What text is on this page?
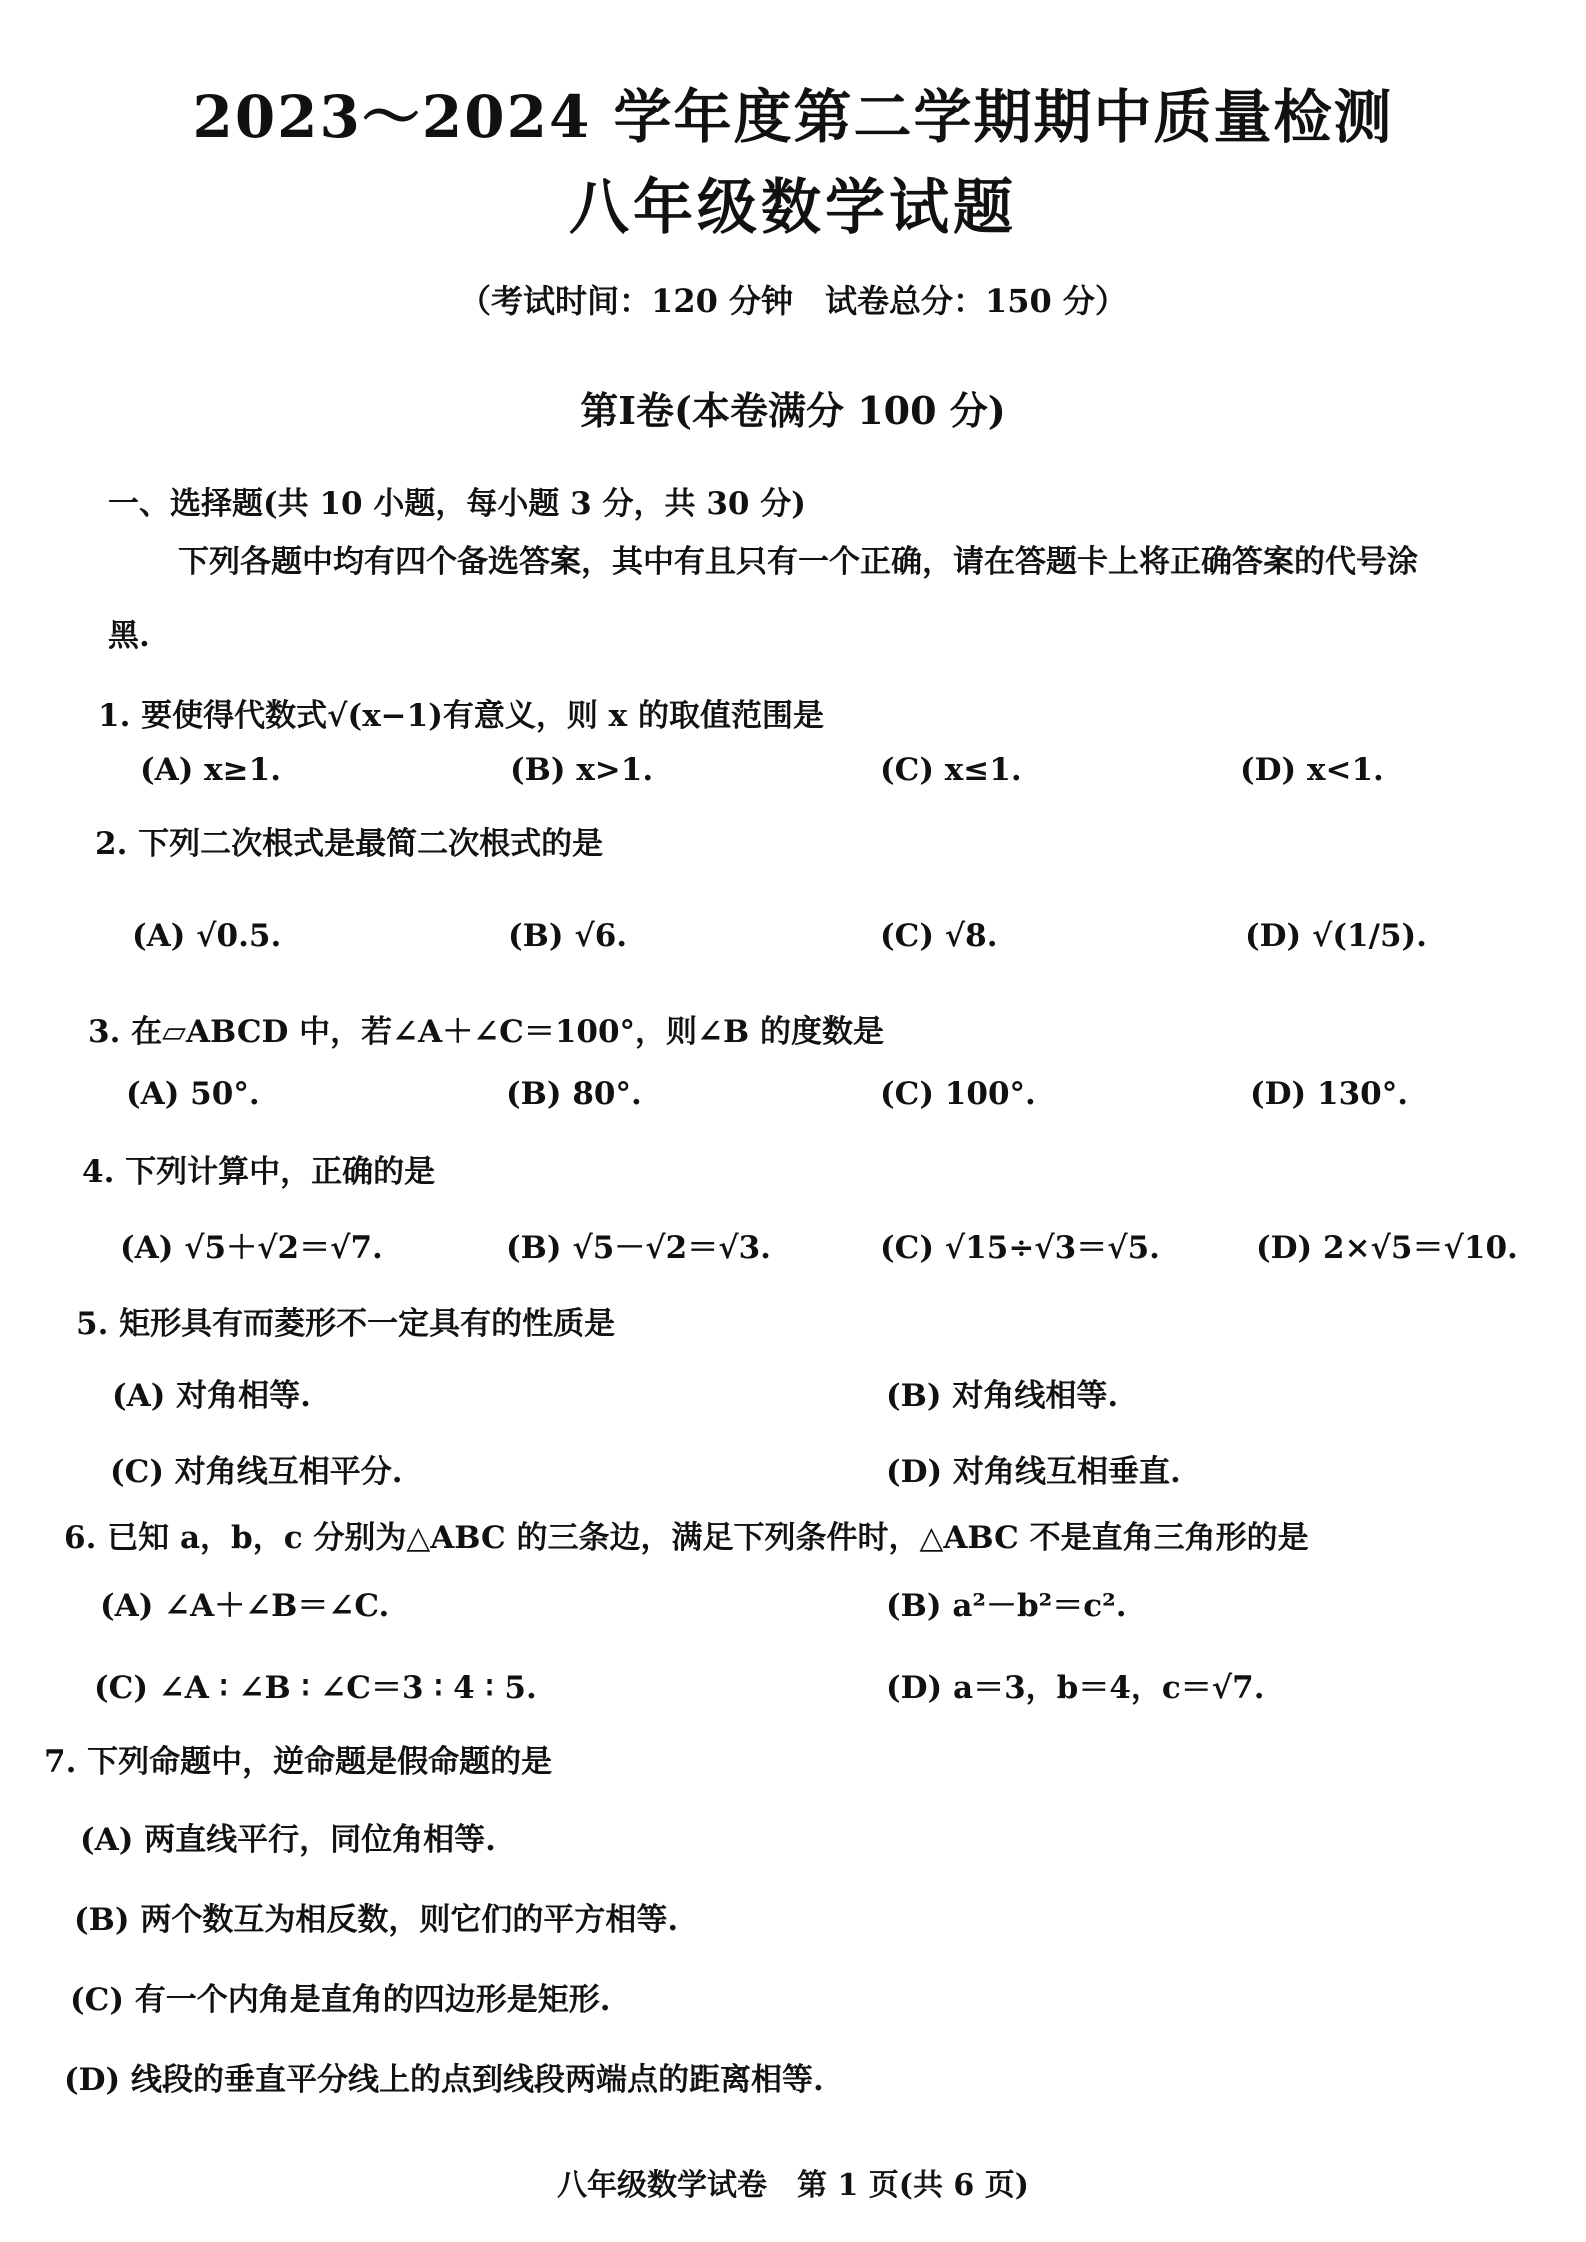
2023～2024 学年度第二学期期中质量检测
八年级数学试题
（考试时间：120 分钟　试卷总分：150 分）
第Ⅰ卷(本卷满分 100 分)
一、选择题(共 10 小题，每小题 3 分，共 30 分)
下列各题中均有四个备选答案，其中有且只有一个正确，请在答题卡上将正确答案的代号涂
黑.
1. 要使得代数式√(x−1)有意义，则 x 的取值范围是
(A) x≥1.	(B) x>1.	(C) x≤1.	(D) x<1.
2. 下列二次根式是最简二次根式的是
(A) √0.5.	(B) √6.	(C) √8.	(D) √(1/5).
3. 在▱ABCD 中，若∠A＋∠C＝100°，则∠B 的度数是
(A) 50°.	(B) 80°.	(C) 100°.	(D) 130°.
4. 下列计算中，正确的是
(A) √5＋√2＝√7.	(B) √5－√2＝√3.	(C) √15÷√3＝√5.	(D) 2×√5＝√10.
5. 矩形具有而菱形不一定具有的性质是
(A) 对角相等.	(B) 对角线相等.
(C) 对角线互相平分.	(D) 对角线互相垂直.
6. 已知 a，b，c 分别为△ABC 的三条边，满足下列条件时，△ABC 不是直角三角形的是
(A) ∠A＋∠B＝∠C.	(B) a²－b²＝c².
(C) ∠A ∶ ∠B ∶ ∠C＝3 ∶ 4 ∶ 5.	(D) a＝3，b＝4，c＝√7.
7. 下列命题中，逆命题是假命题的是
(A) 两直线平行，同位角相等.
(B) 两个数互为相反数，则它们的平方相等.
(C) 有一个内角是直角的四边形是矩形.
(D) 线段的垂直平分线上的点到线段两端点的距离相等.
八年级数学试卷　第 1 页(共 6 页)
